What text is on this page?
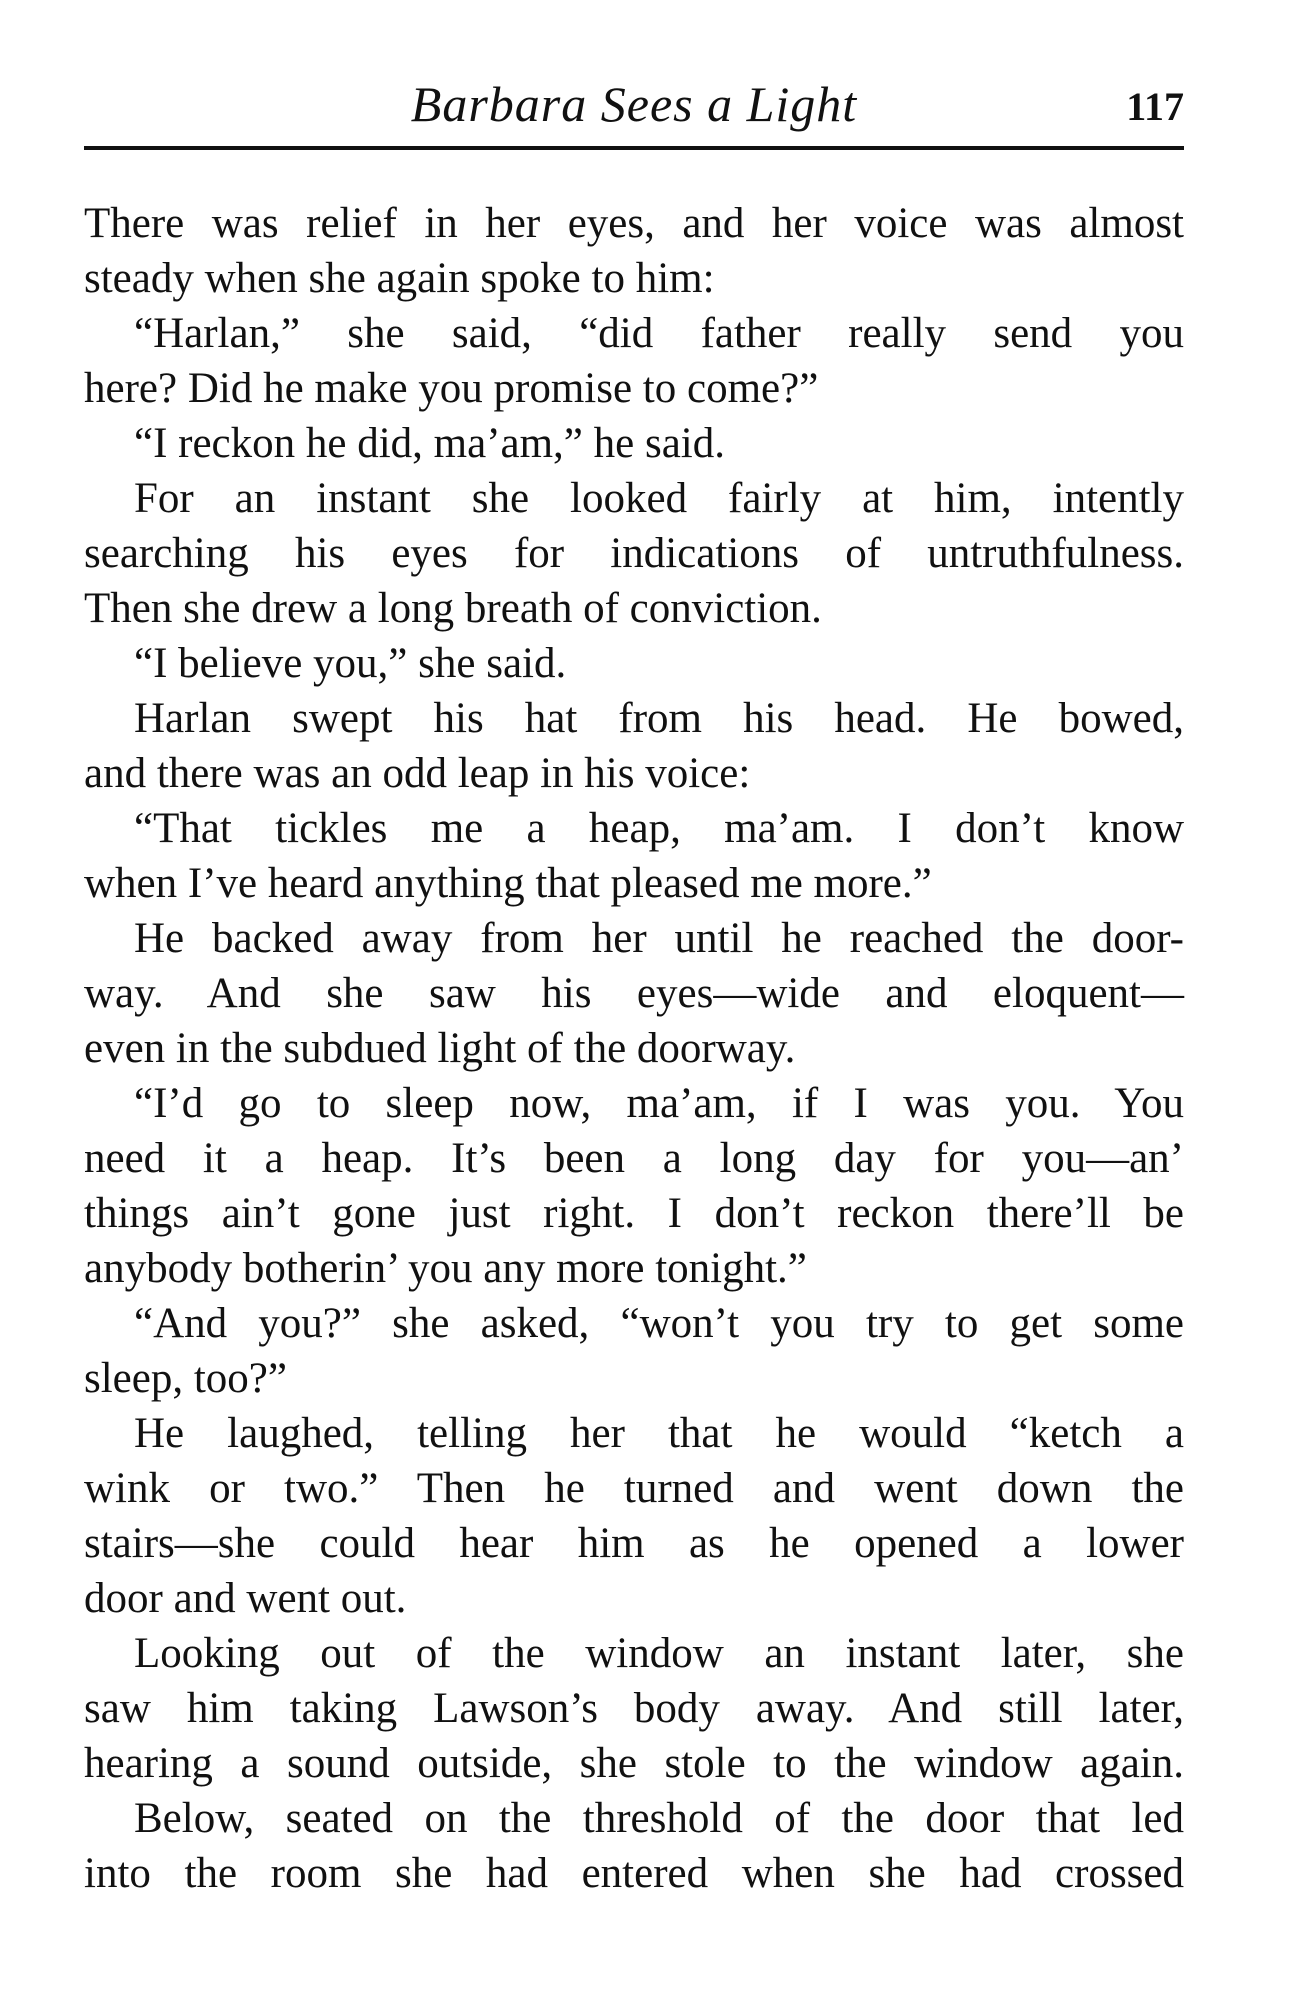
Barbara Sees a Light	117
There was relief in her eyes, and her voice was almost
steady when she again spoke to him:
“Harlan,” she said, “did father really send you
here? Did he make you promise to come?”
“I reckon he did, ma’am,” he said.
For an instant she looked fairly at him, intently
searching his eyes for indications of untruthfulness.
Then she drew a long breath of conviction.
“I believe you,” she said.
Harlan swept his hat from his head. He bowed,
and there was an odd leap in his voice:
“That tickles me a heap, ma’am. I don’t know
when I’ve heard anything that pleased me more.”
He backed away from her until he reached the door-
way. And she saw his eyes—wide and eloquent—
even in the subdued light of the doorway.
“I’d go to sleep now, ma’am, if I was you. You
need it a heap. It’s been a long day for you—an’
things ain’t gone just right. I don’t reckon there’ll be
anybody botherin’ you any more tonight.”
“And you?” she asked, “won’t you try to get some
sleep, too?”
He laughed, telling her that he would “ketch a
wink or two.” Then he turned and went down the
stairs—she could hear him as he opened a lower
door and went out.
Looking out of the window an instant later, she
saw him taking Lawson’s body away. And still later,
hearing a sound outside, she stole to the window again.
Below, seated on the threshold of the door that led
into the room she had entered when she had crossed
